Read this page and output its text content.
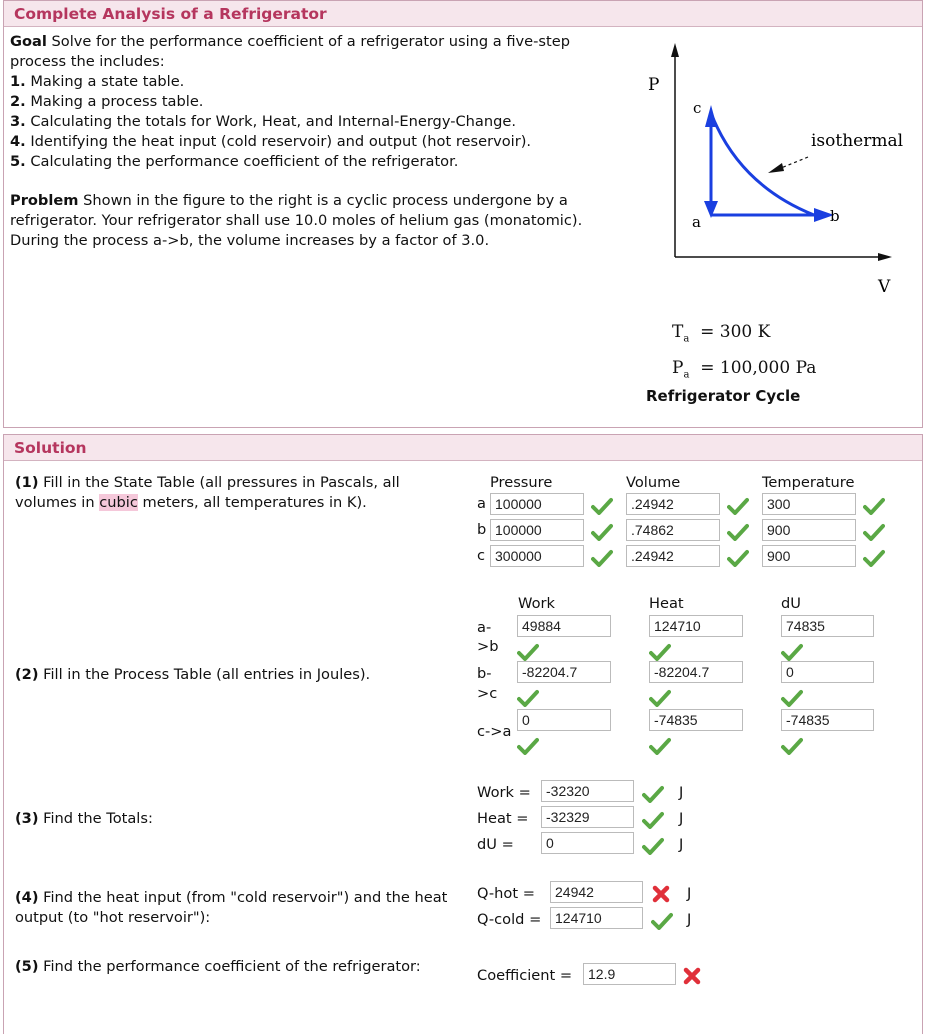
Complete Analysis of a Refrigerator
Goal Solve for the performance coefficient of a refrigerator using a five-step process the includes:
1. Making a state table.
2. Making a process table.
3. Calculating the totals for Work, Heat, and Internal-Energy-Change.
4. Identifying the heat input (cold reservoir) and output (hot reservoir).
5. Calculating the performance coefficient of the refrigerator.
Problem Shown in the figure to the right is a cyclic process undergone by a refrigerator. Your refrigerator shall use 10.0 moles of helium gas (monatomic). During the process a->b, the volume increases by a factor of 3.0.
P
V
c
a	b
isothermal
$T_a = 300$ K
$P_a = 100,000$ Pa
Refrigerator Cycle
Solution
(1) Fill in the State Table (all pressures in Pascals, all volumes in cubic meters, all temperatures in K).
(2) Fill in the Process Table (all entries in Joules).
(3) Find the Totals:
(4) Find the heat input (from "cold reservoir") and the heat output (to "hot reservoir"):
(5) Find the performance coefficient of the refrigerator:
Pressure	Volume	Temperature
a 100000	.24942	300
b 100000	.74862	900
c 300000	.24942	900
Work	Heat	dU
a-
>b
49884	124710	74835
b-
>c
-82204.7	-82204.7	0
c->a
0	-74835	-74835
Work =	-32320	J
Heat =	-32329	J
dU =	0	J
Q-hot =	24942	J
Q-cold = 124710	J
Coefficient =	12.9
